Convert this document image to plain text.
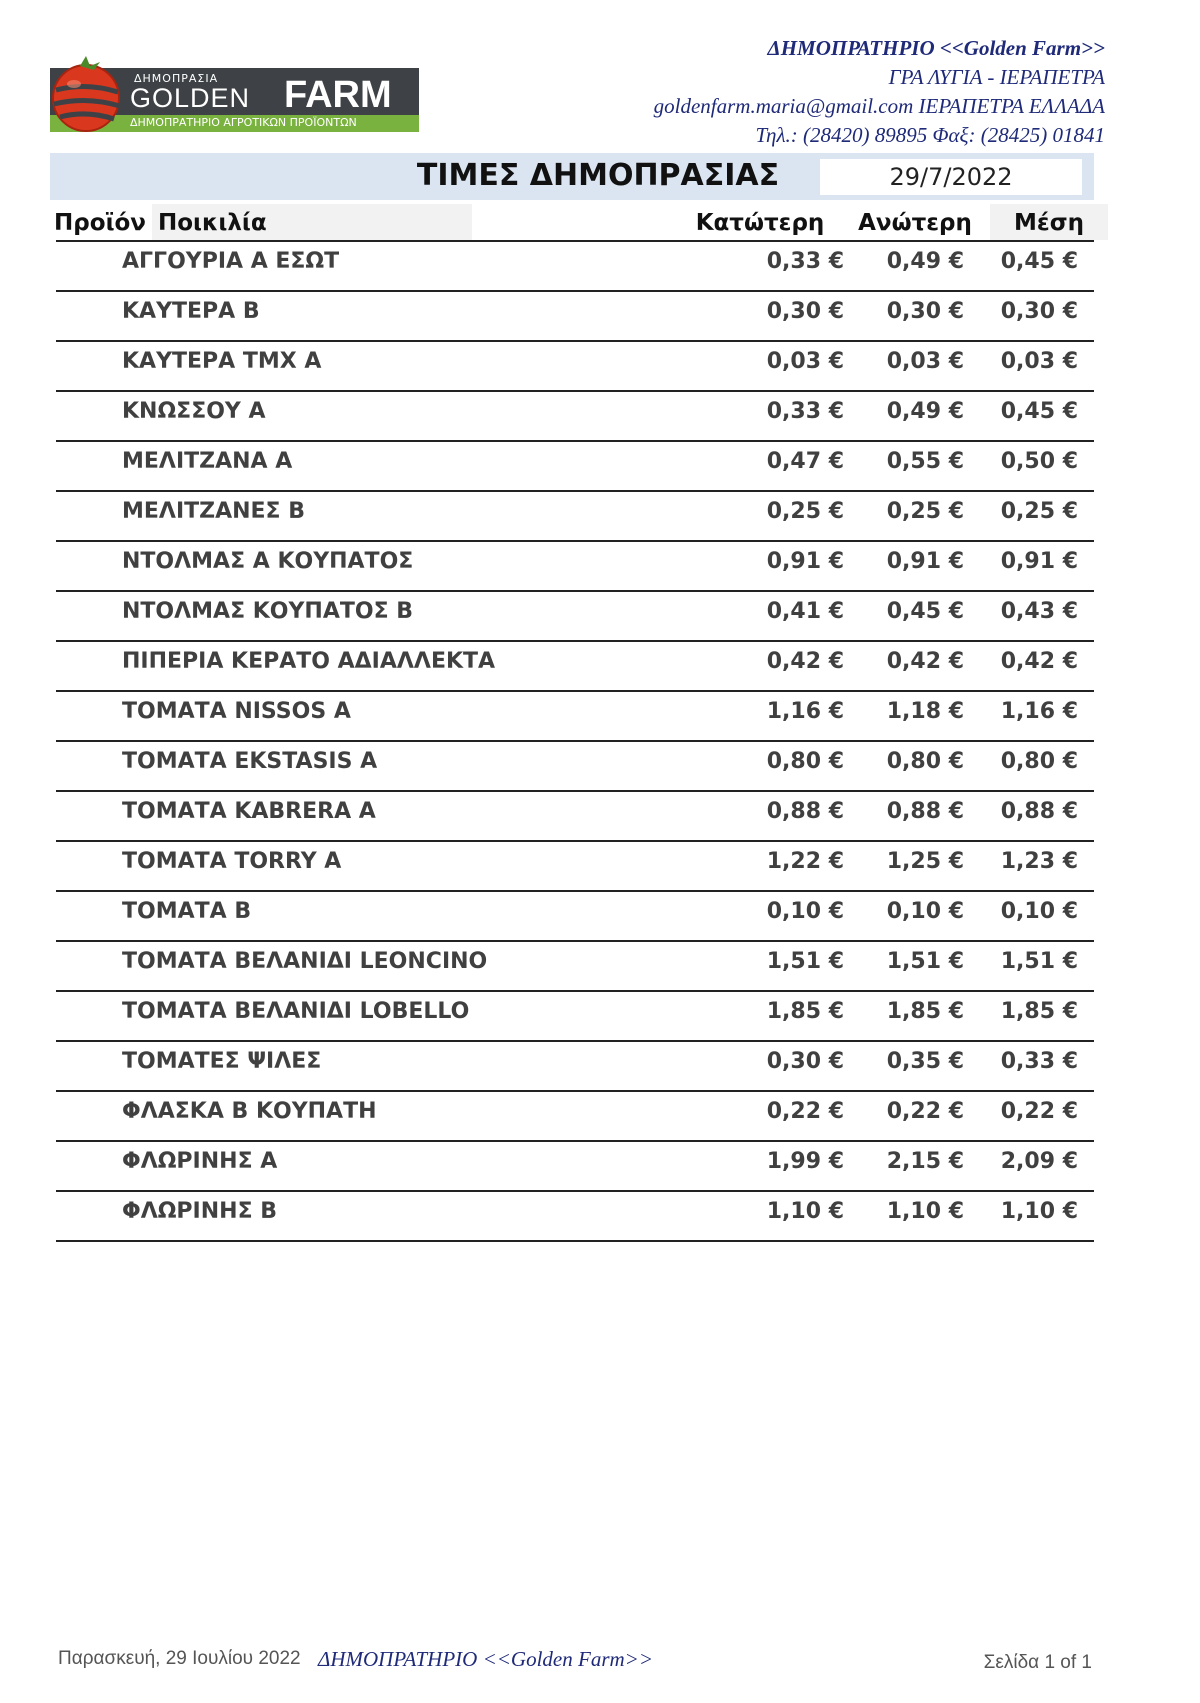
ΔΗΜΟΠΡΑΣΙΑ
GOLDEN FARM
ΔΗΜΟΠΡΑΤΗΡΙΟ ΑΓΡΟΤΙΚΩΝ ΠΡΟΪΟΝΤΩΝ
ΔΗΜΟΠΡΑΤΗΡΙΟ <<Golden Farm>>
ΓΡΑ ΛΥΓΙΑ - ΙΕΡΑΠΕΤΡΑ
goldenfarm.maria@gmail.com ΙΕΡΑΠΕΤΡΑ ΕΛΛΑΔΑ
Τηλ.: (28420) 89895 Φαξ: (28425) 01841
ΤΙΜΕΣ ΔΗΜΟΠΡΑΣΙΑΣ	29/7/2022
Προϊόν Ποικιλία	Κατώτερη	Ανώτερη	Μέση
ΑΓΓΟΥΡΙΑ Α ΕΣΩΤ	0,33 € 0,49 € 0,45 €
ΚΑΥΤΕΡΑ Β	0,30 € 0,30 € 0,30 €
ΚΑΥΤΕΡΑ ΤΜΧ Α	0,03 € 0,03 € 0,03 €
ΚΝΩΣΣΟΥ Α	0,33 € 0,49 € 0,45 €
ΜΕΛΙΤΖΑΝΑ Α	0,47 € 0,55 € 0,50 €
ΜΕΛΙΤΖΑΝΕΣ Β	0,25 € 0,25 € 0,25 €
ΝΤΟΛΜΑΣ Α ΚΟΥΠΑΤΟΣ	0,91 € 0,91 € 0,91 €
ΝΤΟΛΜΑΣ ΚΟΥΠΑΤΟΣ Β	0,41 € 0,45 € 0,43 €
ΠΙΠΕΡΙΑ ΚΕΡΑΤΟ ΑΔΙΑΛΛΕΚΤΑ	0,42 € 0,42 € 0,42 €
ΤΟΜΑΤΑ NISSOS Α	1,16 € 1,18 € 1,16 €
ΤΟΜΑΤΑ EKSTASIS Α	0,80 € 0,80 € 0,80 €
ΤΟΜΑΤΑ KABRERA Α	0,88 € 0,88 € 0,88 €
ΤΟΜΑΤΑ TORRY Α	1,22 € 1,25 € 1,23 €
ΤΟΜΑΤΑ Β	0,10 € 0,10 € 0,10 €
ΤΟΜΑΤΑ ΒΕΛΑΝΙΔΙ LEONCINO	1,51 € 1,51 € 1,51 €
ΤΟΜΑΤΑ ΒΕΛΑΝΙΔΙ LOBELLO	1,85 € 1,85 € 1,85 €
ΤΟΜΑΤΕΣ ΨΙΛΕΣ	0,30 € 0,35 € 0,33 €
ΦΛΑΣΚΑ Β ΚΟΥΠΑΤΗ	0,22 € 0,22 € 0,22 €
ΦΛΩΡΙΝΗΣ Α	1,99 € 2,15 € 2,09 €
ΦΛΩΡΙΝΗΣ Β	1,10 € 1,10 € 1,10 €
Παρασκευή, 29 Ιουλίου 2022 ΔΗΜΟΠΡΑΤΗΡΙΟ <<Golden Farm>>	Σελίδα 1 of 1
